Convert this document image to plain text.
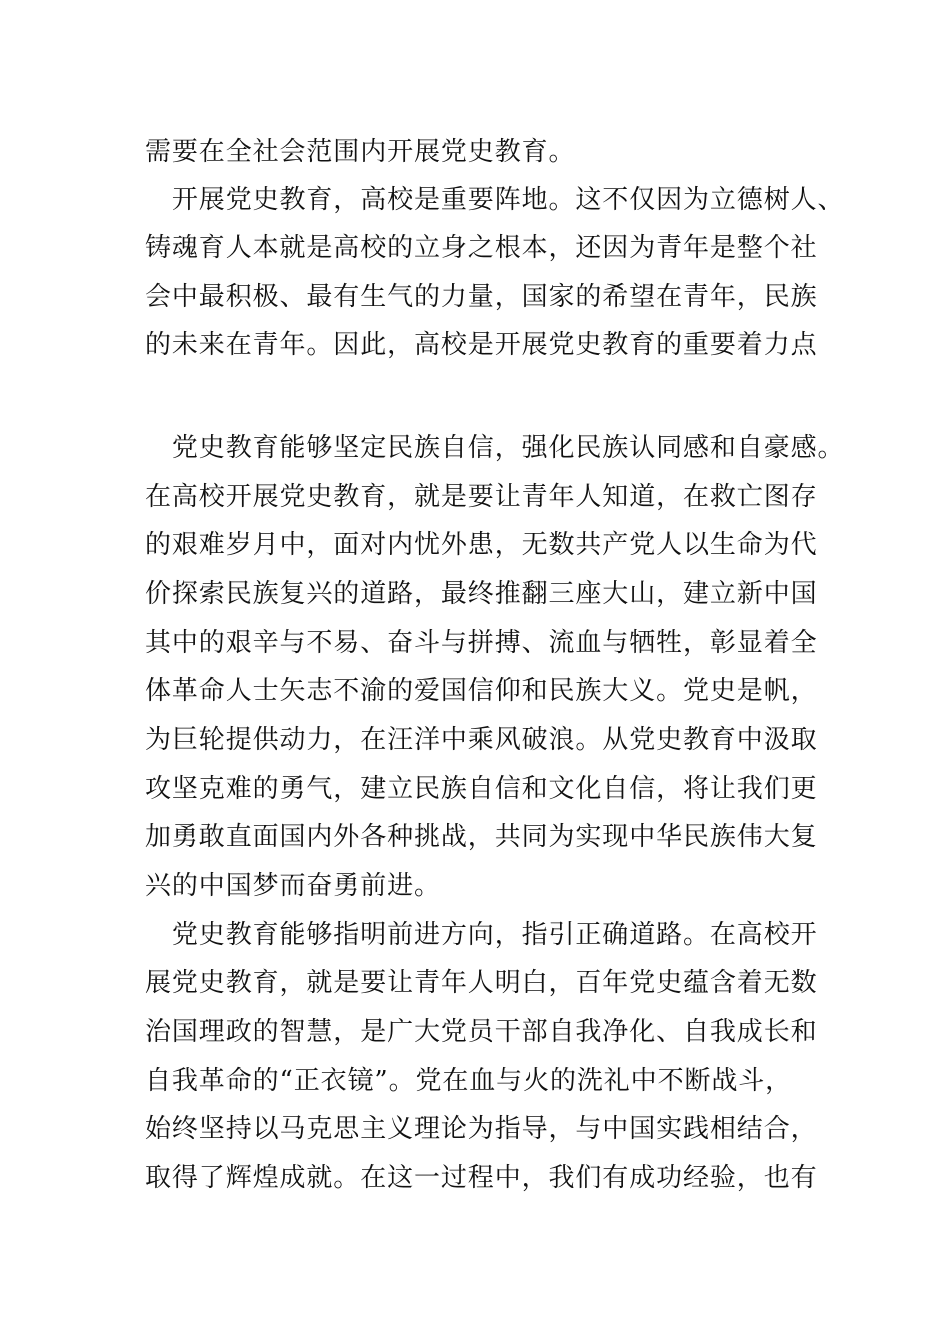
需要在全社会范围内开展党史教育。
　开展党史教育，高校是重要阵地。这不仅因为立德树人、
铸魂育人本就是高校的立身之根本，还因为青年是整个社
会中最积极、最有生气的力量，国家的希望在青年，民族
的未来在青年。因此，高校是开展党史教育的重要着力点
　党史教育能够坚定民族自信，强化民族认同感和自豪感。
在高校开展党史教育，就是要让青年人知道，在救亡图存
的艰难岁月中，面对内忧外患，无数共产党人以生命为代
价探索民族复兴的道路，最终推翻三座大山，建立新中国
其中的艰辛与不易、奋斗与拼搏、流血与牺牲，彰显着全
体革命人士矢志不渝的爱国信仰和民族大义。党史是帆，
为巨轮提供动力，在汪洋中乘风破浪。从党史教育中汲取
攻坚克难的勇气，建立民族自信和文化自信，将让我们更
加勇敢直面国内外各种挑战，共同为实现中华民族伟大复
兴的中国梦而奋勇前进。
　党史教育能够指明前进方向，指引正确道路。在高校开
展党史教育，就是要让青年人明白，百年党史蕴含着无数
治国理政的智慧，是广大党员干部自我净化、自我成长和
自我革命的“正衣镜”。党在血与火的洗礼中不断战斗，
始终坚持以马克思主义理论为指导，与中国实践相结合，
取得了辉煌成就。在这一过程中，我们有成功经验，也有
